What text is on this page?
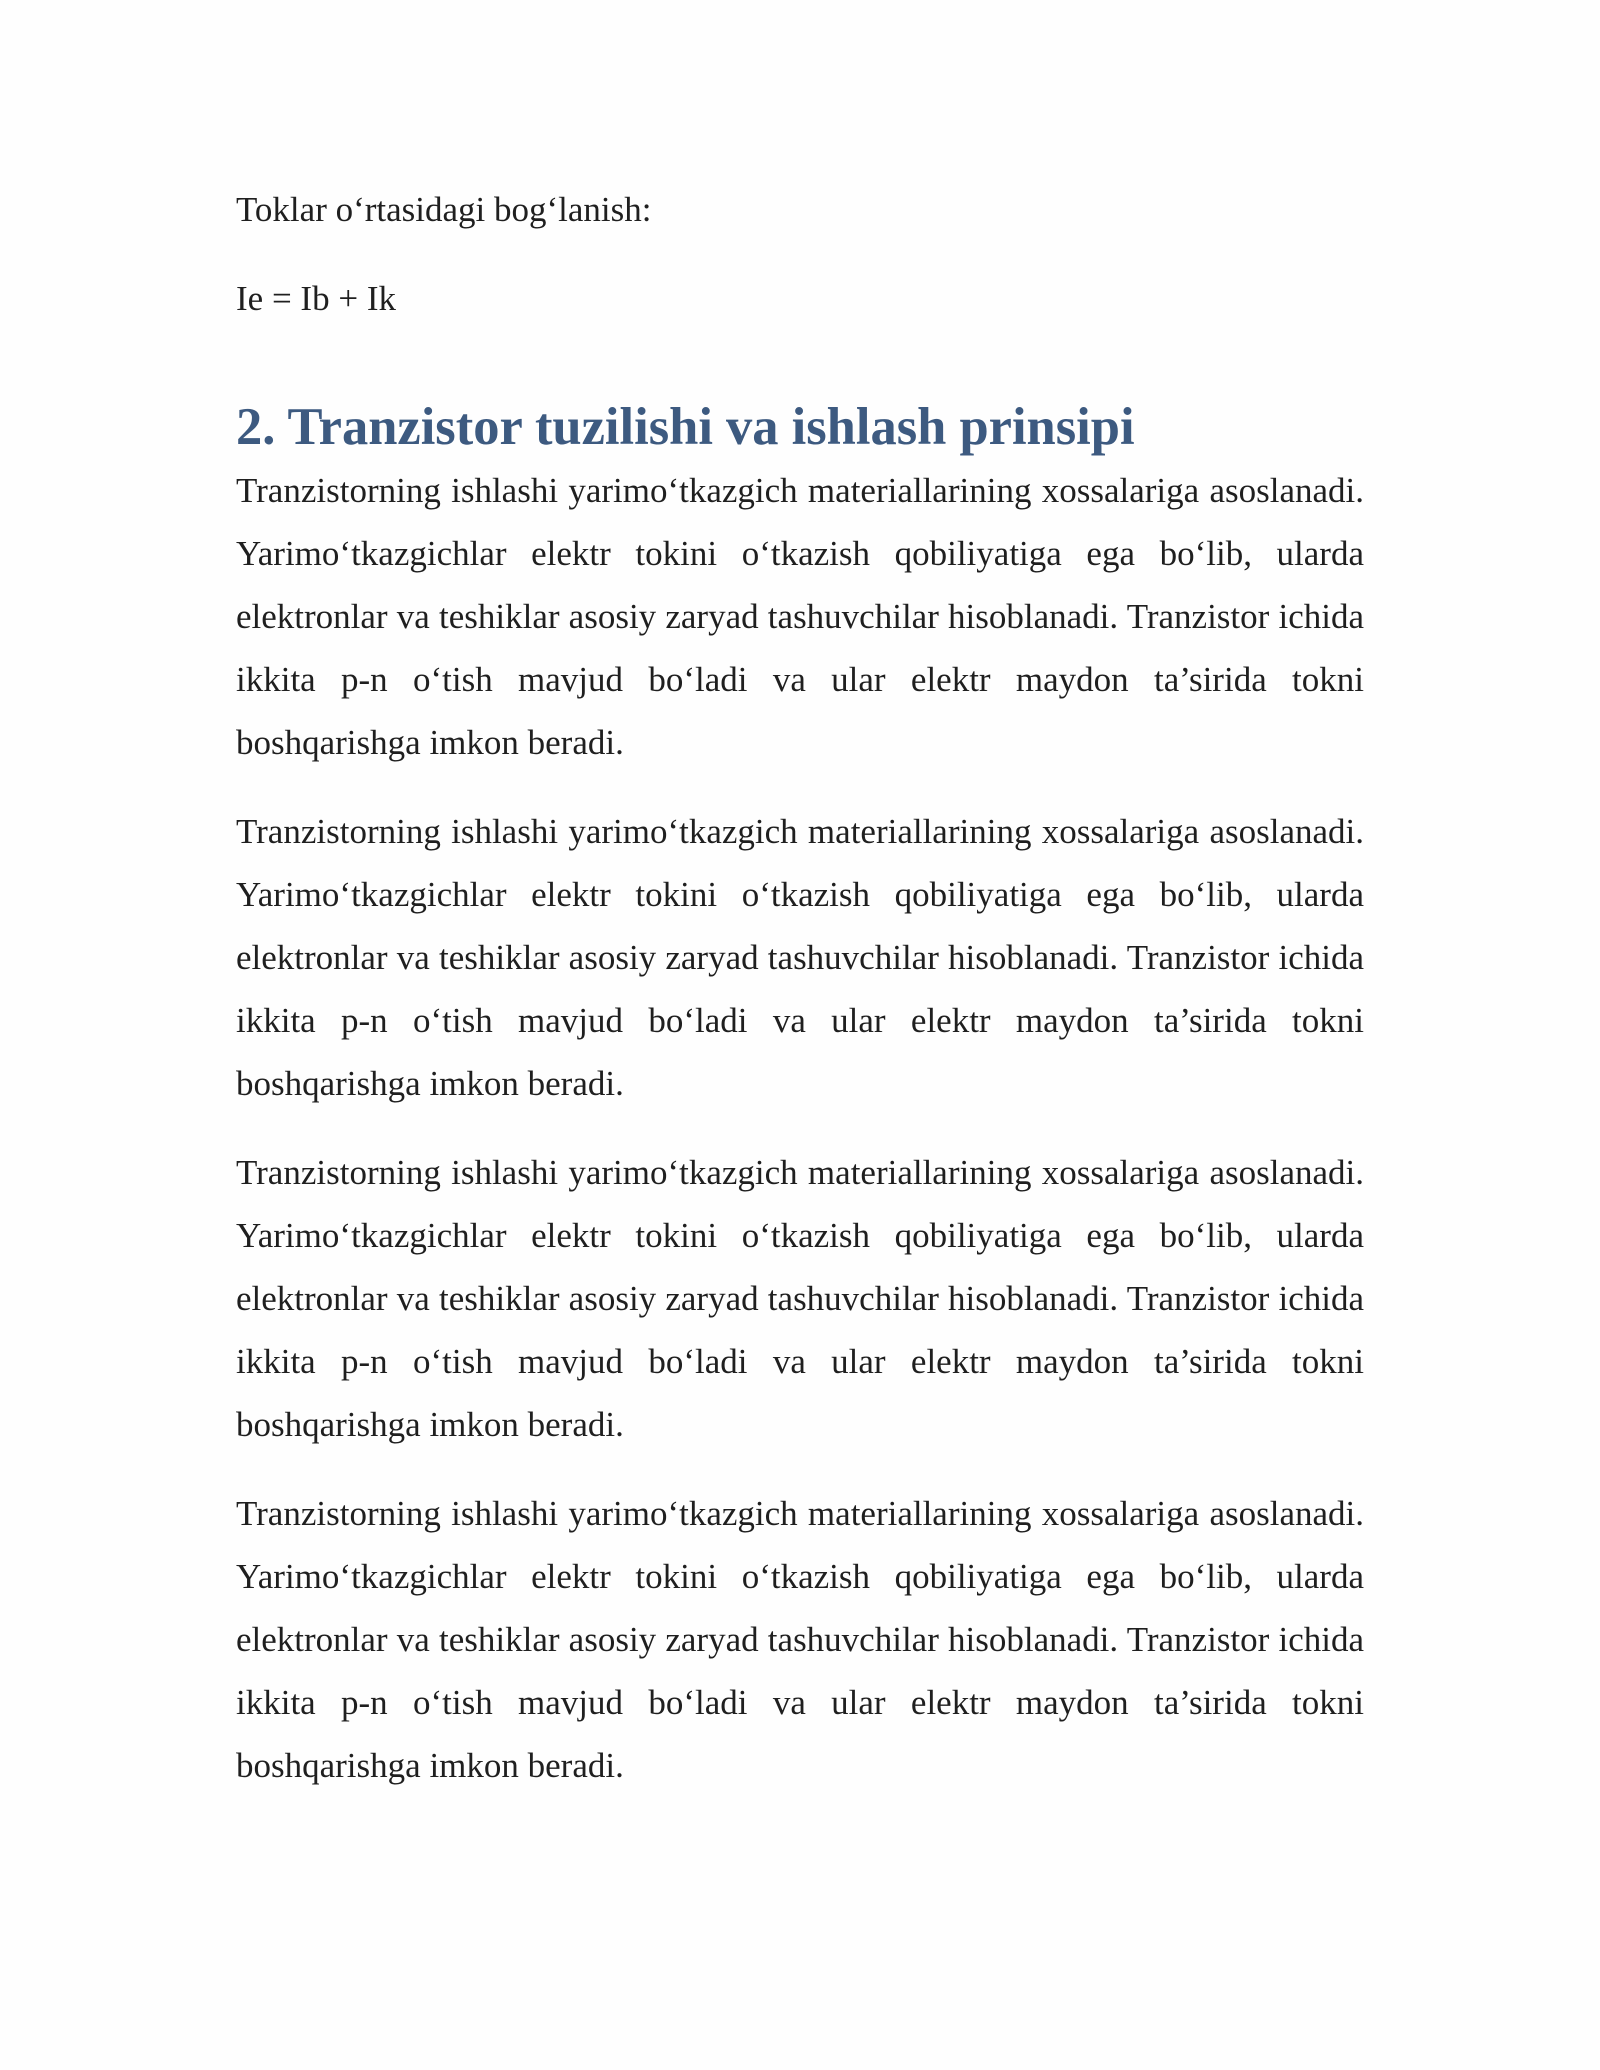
Toklar o‘rtasidagi bog‘lanish:

Ie = Ib + Ik

2. Tranzistor tuzilishi va ishlash prinsipi

Tranzistorning ishlashi yarimo‘tkazgich materiallarining xossalariga asoslanadi. Yarimo‘tkazgichlar elektr tokini o‘tkazish qobiliyatiga ega bo‘lib, ularda elektronlar va teshiklar asosiy zaryad tashuvchilar hisoblanadi. Tranzistor ichida ikkita p-n o‘tish mavjud bo‘ladi va ular elektr maydon ta’sirida tokni boshqarishga imkon beradi.

Tranzistorning ishlashi yarimo‘tkazgich materiallarining xossalariga asoslanadi. Yarimo‘tkazgichlar elektr tokini o‘tkazish qobiliyatiga ega bo‘lib, ularda elektronlar va teshiklar asosiy zaryad tashuvchilar hisoblanadi. Tranzistor ichida ikkita p-n o‘tish mavjud bo‘ladi va ular elektr maydon ta’sirida tokni boshqarishga imkon beradi.

Tranzistorning ishlashi yarimo‘tkazgich materiallarining xossalariga asoslanadi. Yarimo‘tkazgichlar elektr tokini o‘tkazish qobiliyatiga ega bo‘lib, ularda elektronlar va teshiklar asosiy zaryad tashuvchilar hisoblanadi. Tranzistor ichida ikkita p-n o‘tish mavjud bo‘ladi va ular elektr maydon ta’sirida tokni boshqarishga imkon beradi.

Tranzistorning ishlashi yarimo‘tkazgich materiallarining xossalariga asoslanadi. Yarimo‘tkazgichlar elektr tokini o‘tkazish qobiliyatiga ega bo‘lib, ularda elektronlar va teshiklar asosiy zaryad tashuvchilar hisoblanadi. Tranzistor ichida ikkita p-n o‘tish mavjud bo‘ladi va ular elektr maydon ta’sirida tokni boshqarishga imkon beradi.
